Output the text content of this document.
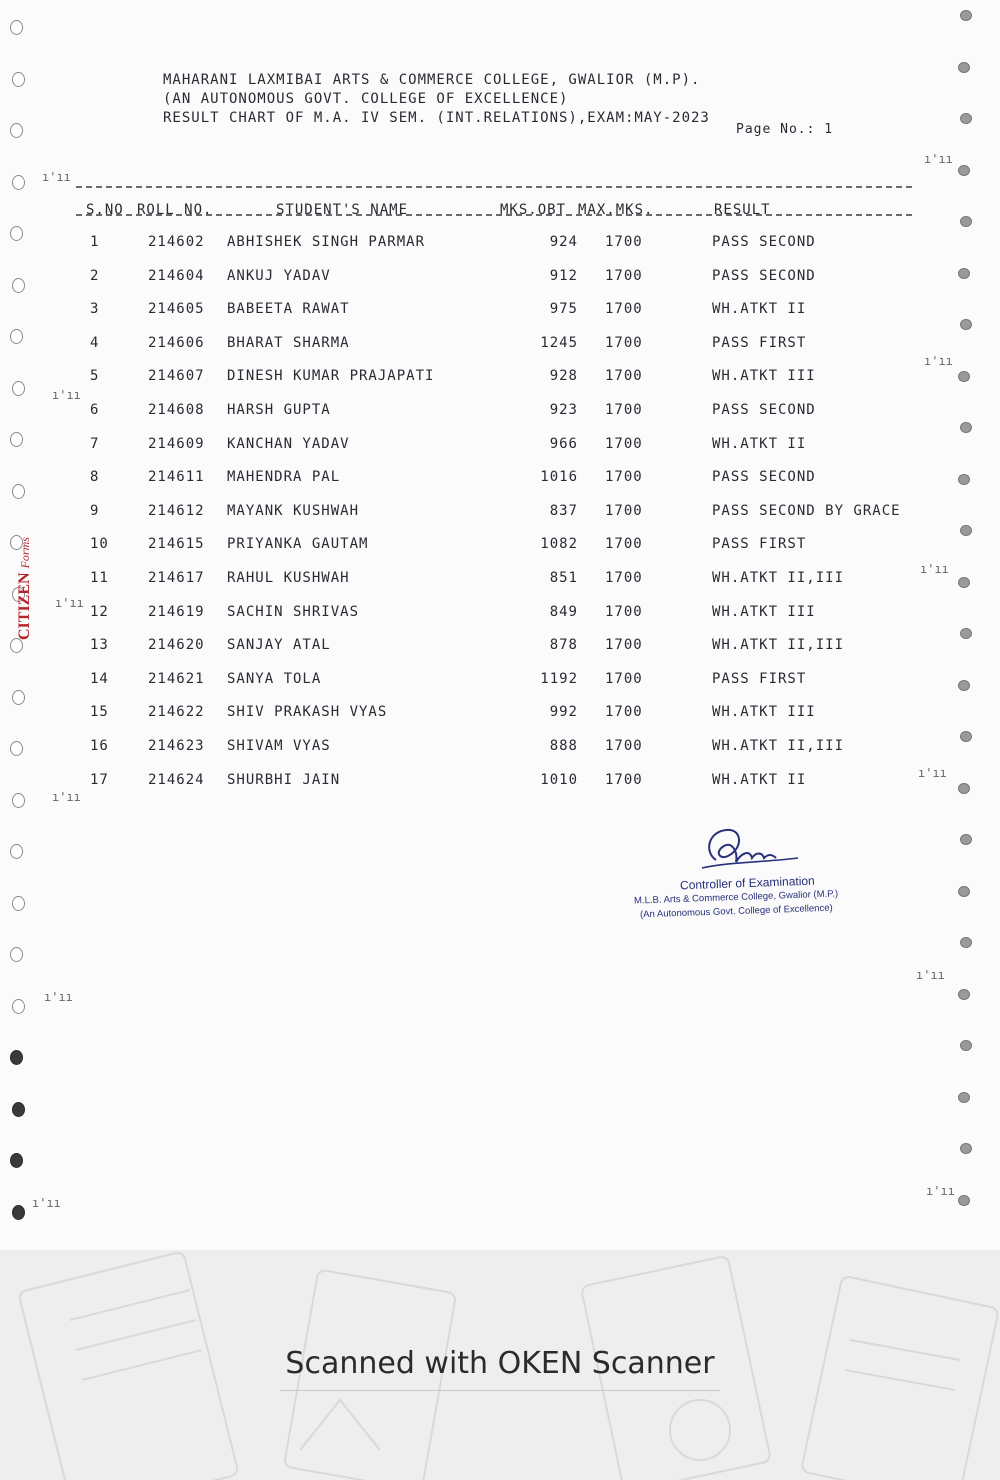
CITIZEN Forms
ı'ıı
ı'ıı
ı'ıı
ı'ıı
ı'ıı
ı'ıı
ı'ıı
ı'ıı
ı'ıı
ı'ıı
ı'ıı
ı'ıı
MAHARANI LAXMIBAI ARTS & COMMERCE COLLEGE, GWALIOR (M.P).
(AN AUTONOMOUS GOVT. COLLEGE OF EXCELLENCE)
RESULT CHART OF M.A. IV SEM. (INT.RELATIONS),EXAM:MAY-2023
Page No.: 1
S.NO ROLL NO.	STUDENT'S NAME	MKS.OBT MAX.MKS.	RESULT
1	214602 ABHISHEK SINGH PARMAR	924 1700	PASS SECOND
2	214604 ANKUJ YADAV	912 1700	PASS SECOND
3	214605 BABEETA RAWAT	975 1700	WH.ATKT II
4	214606 BHARAT SHARMA	1245 1700	PASS FIRST
5	214607 DINESH KUMAR PRAJAPATI	928 1700	WH.ATKT III
6	214608 HARSH GUPTA	923 1700	PASS SECOND
7	214609 KANCHAN YADAV	966 1700	WH.ATKT II
8	214611 MAHENDRA PAL	1016 1700	PASS SECOND
9	214612 MAYANK KUSHWAH	837 1700	PASS SECOND BY GRACE
10	214615 PRIYANKA GAUTAM	1082 1700	PASS FIRST
11	214617 RAHUL KUSHWAH	851 1700	WH.ATKT II,III
12	214619 SACHIN SHRIVAS	849 1700	WH.ATKT III
13	214620 SANJAY ATAL	878 1700	WH.ATKT II,III
14	214621 SANYA TOLA	1192 1700	PASS FIRST
15	214622 SHIV PRAKASH VYAS	992 1700	WH.ATKT III
16	214623 SHIVAM VYAS	888 1700	WH.ATKT II,III
17	214624 SHURBHI JAIN	1010 1700	WH.ATKT II
Controller of Examination
M.L.B. Arts & Commerce College, Gwalior (M.P.)
(An Autonomous Govt. College of Excellence)
Scanned with OKEN Scanner
